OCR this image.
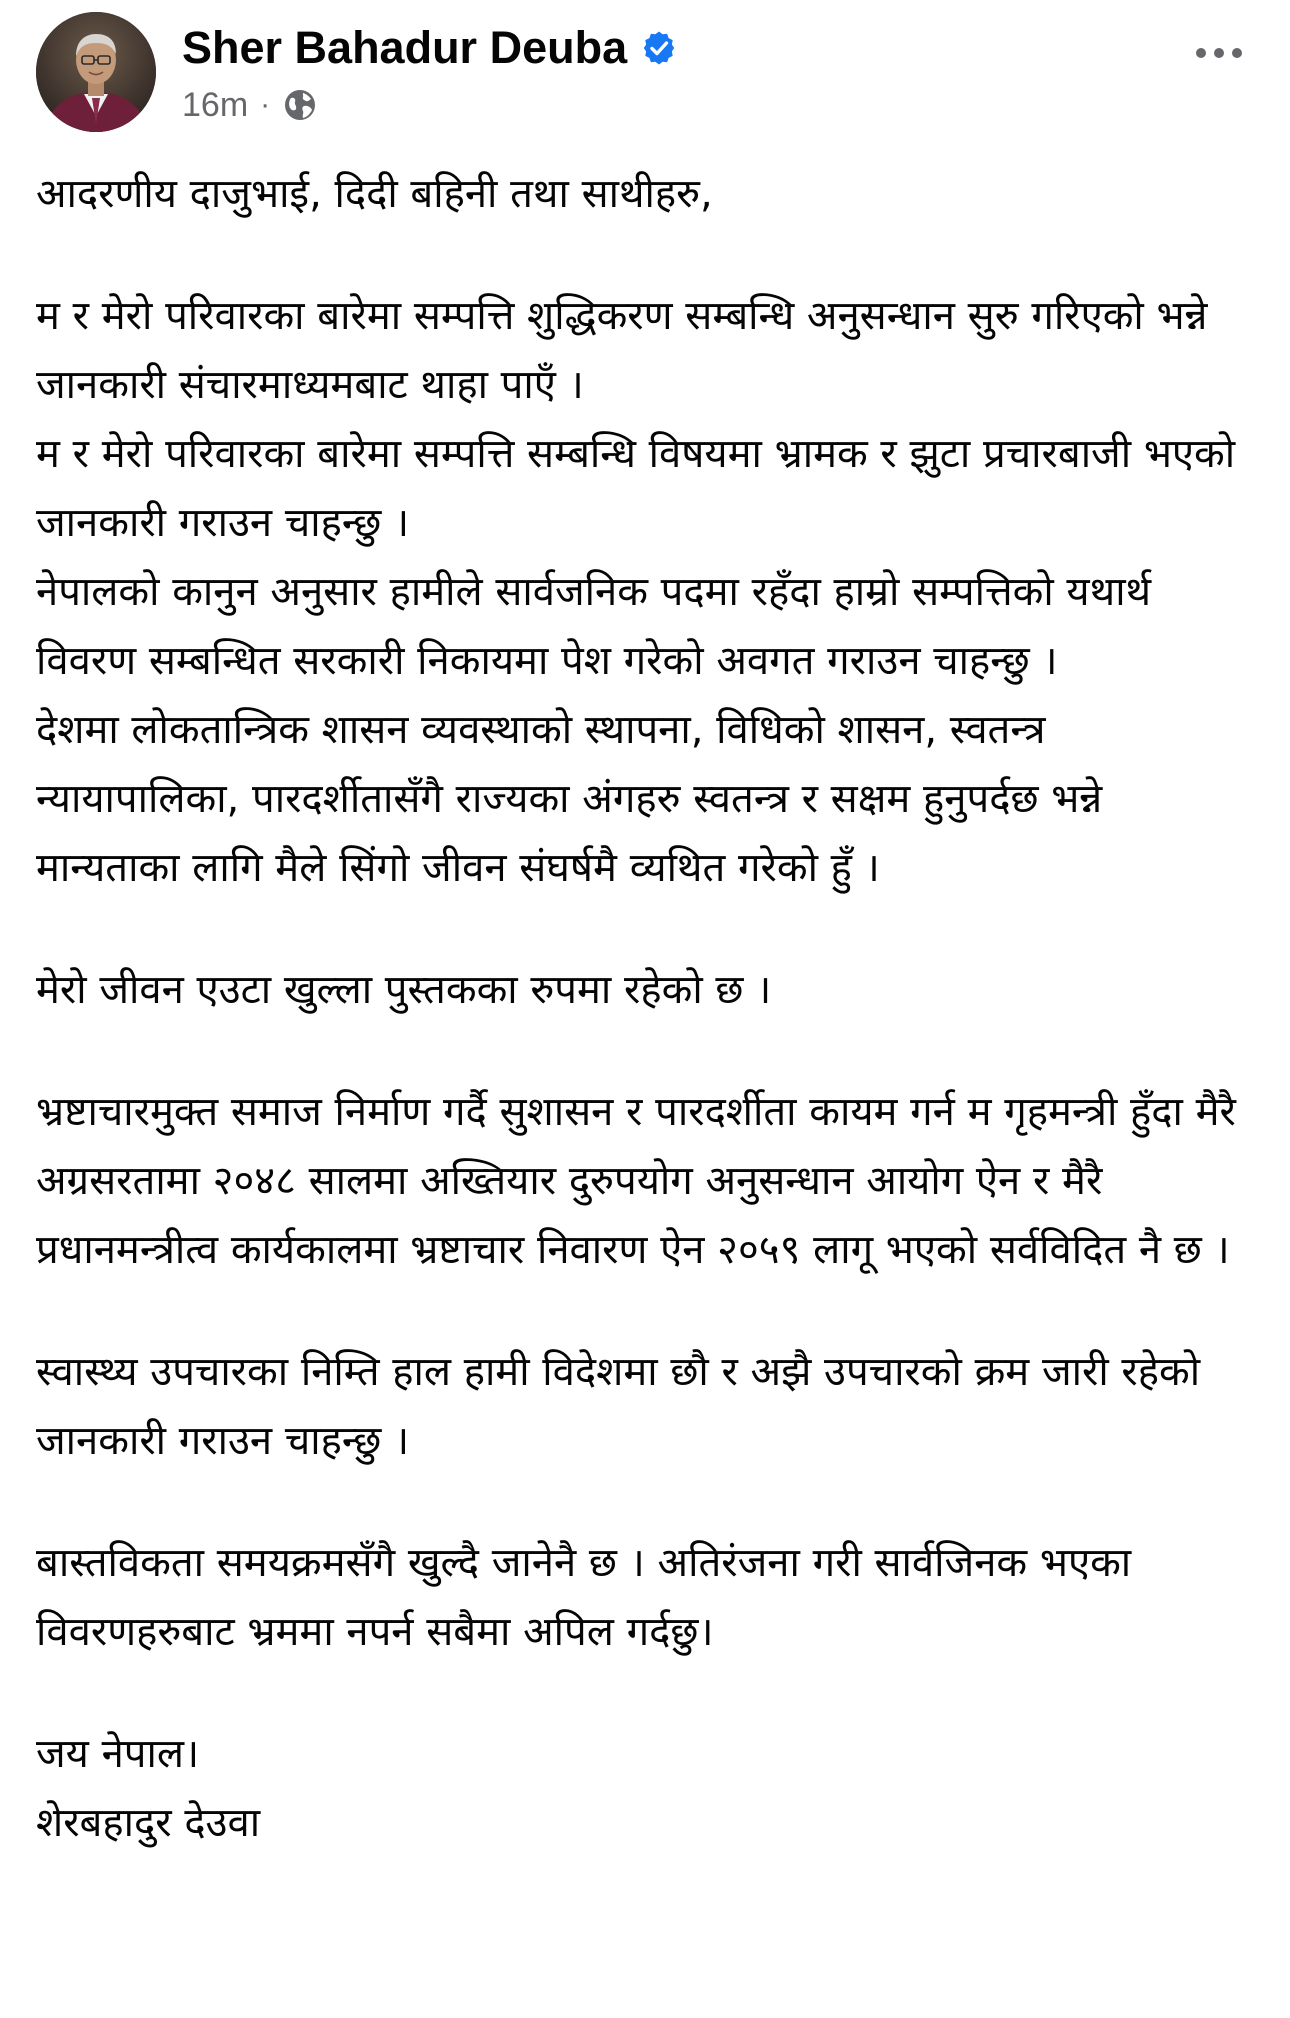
Sher Bahadur Deuba
16m ·

आदरणीय दाजुभाई, दिदी बहिनी तथा साथीहरु,

म र मेरो परिवारका बारेमा सम्पत्ति शुद्धिकरण सम्बन्धि अनुसन्धान सुरु गरिएको भन्ने जानकारी संचारमाध्यमबाट थाहा पाएँ ।

म र मेरो परिवारका बारेमा सम्पत्ति सम्बन्धि विषयमा भ्रामक र झुटा प्रचारबाजी भएको जानकारी गराउन चाहन्छु ।

नेपालको कानुन अनुसार हामीले सार्वजनिक पदमा रहँदा हाम्रो सम्पत्तिको यथार्थ विवरण सम्बन्धित सरकारी निकायमा पेश गरेको अवगत गराउन चाहन्छु ।

देशमा लोकतान्त्रिक शासन व्यवस्थाको स्थापना, विधिको शासन, स्वतन्त्र न्यायापालिका, पारदर्शीतासँगै राज्यका अंगहरु स्वतन्त्र र सक्षम हुनुपर्दछ भन्ने मान्यताका लागि मैले सिंगो जीवन संघर्षमै व्यथित गरेको हुँ ।

मेरो जीवन एउटा खुल्ला पुस्तकका रुपमा रहेको छ ।

भ्रष्टाचारमुक्त समाज निर्माण गर्दै सुशासन र पारदर्शीता कायम गर्न म गृहमन्त्री हुँदा मैरै अग्रसरतामा २०४८ सालमा अख्तियार दुरुपयोग अनुसन्धान आयोग ऐन र मैरै प्रधानमन्त्रीत्व कार्यकालमा भ्रष्टाचार निवारण ऐन २०५९ लागू भएको सर्वविदित नै छ ।

स्वास्थ्य उपचारका निम्ति हाल हामी विदेशमा छौ र अझै उपचारको क्रम जारी रहेको जानकारी गराउन चाहन्छु ।

बास्तविकता समयक्रमसँगै खुल्दै जानेनै छ । अतिरंजना गरी सार्वजिनक भएका विवरणहरुबाट भ्रममा नपर्न सबैमा अपिल गर्दछु।

जय नेपाल।

शेरबहादुर देउवा
